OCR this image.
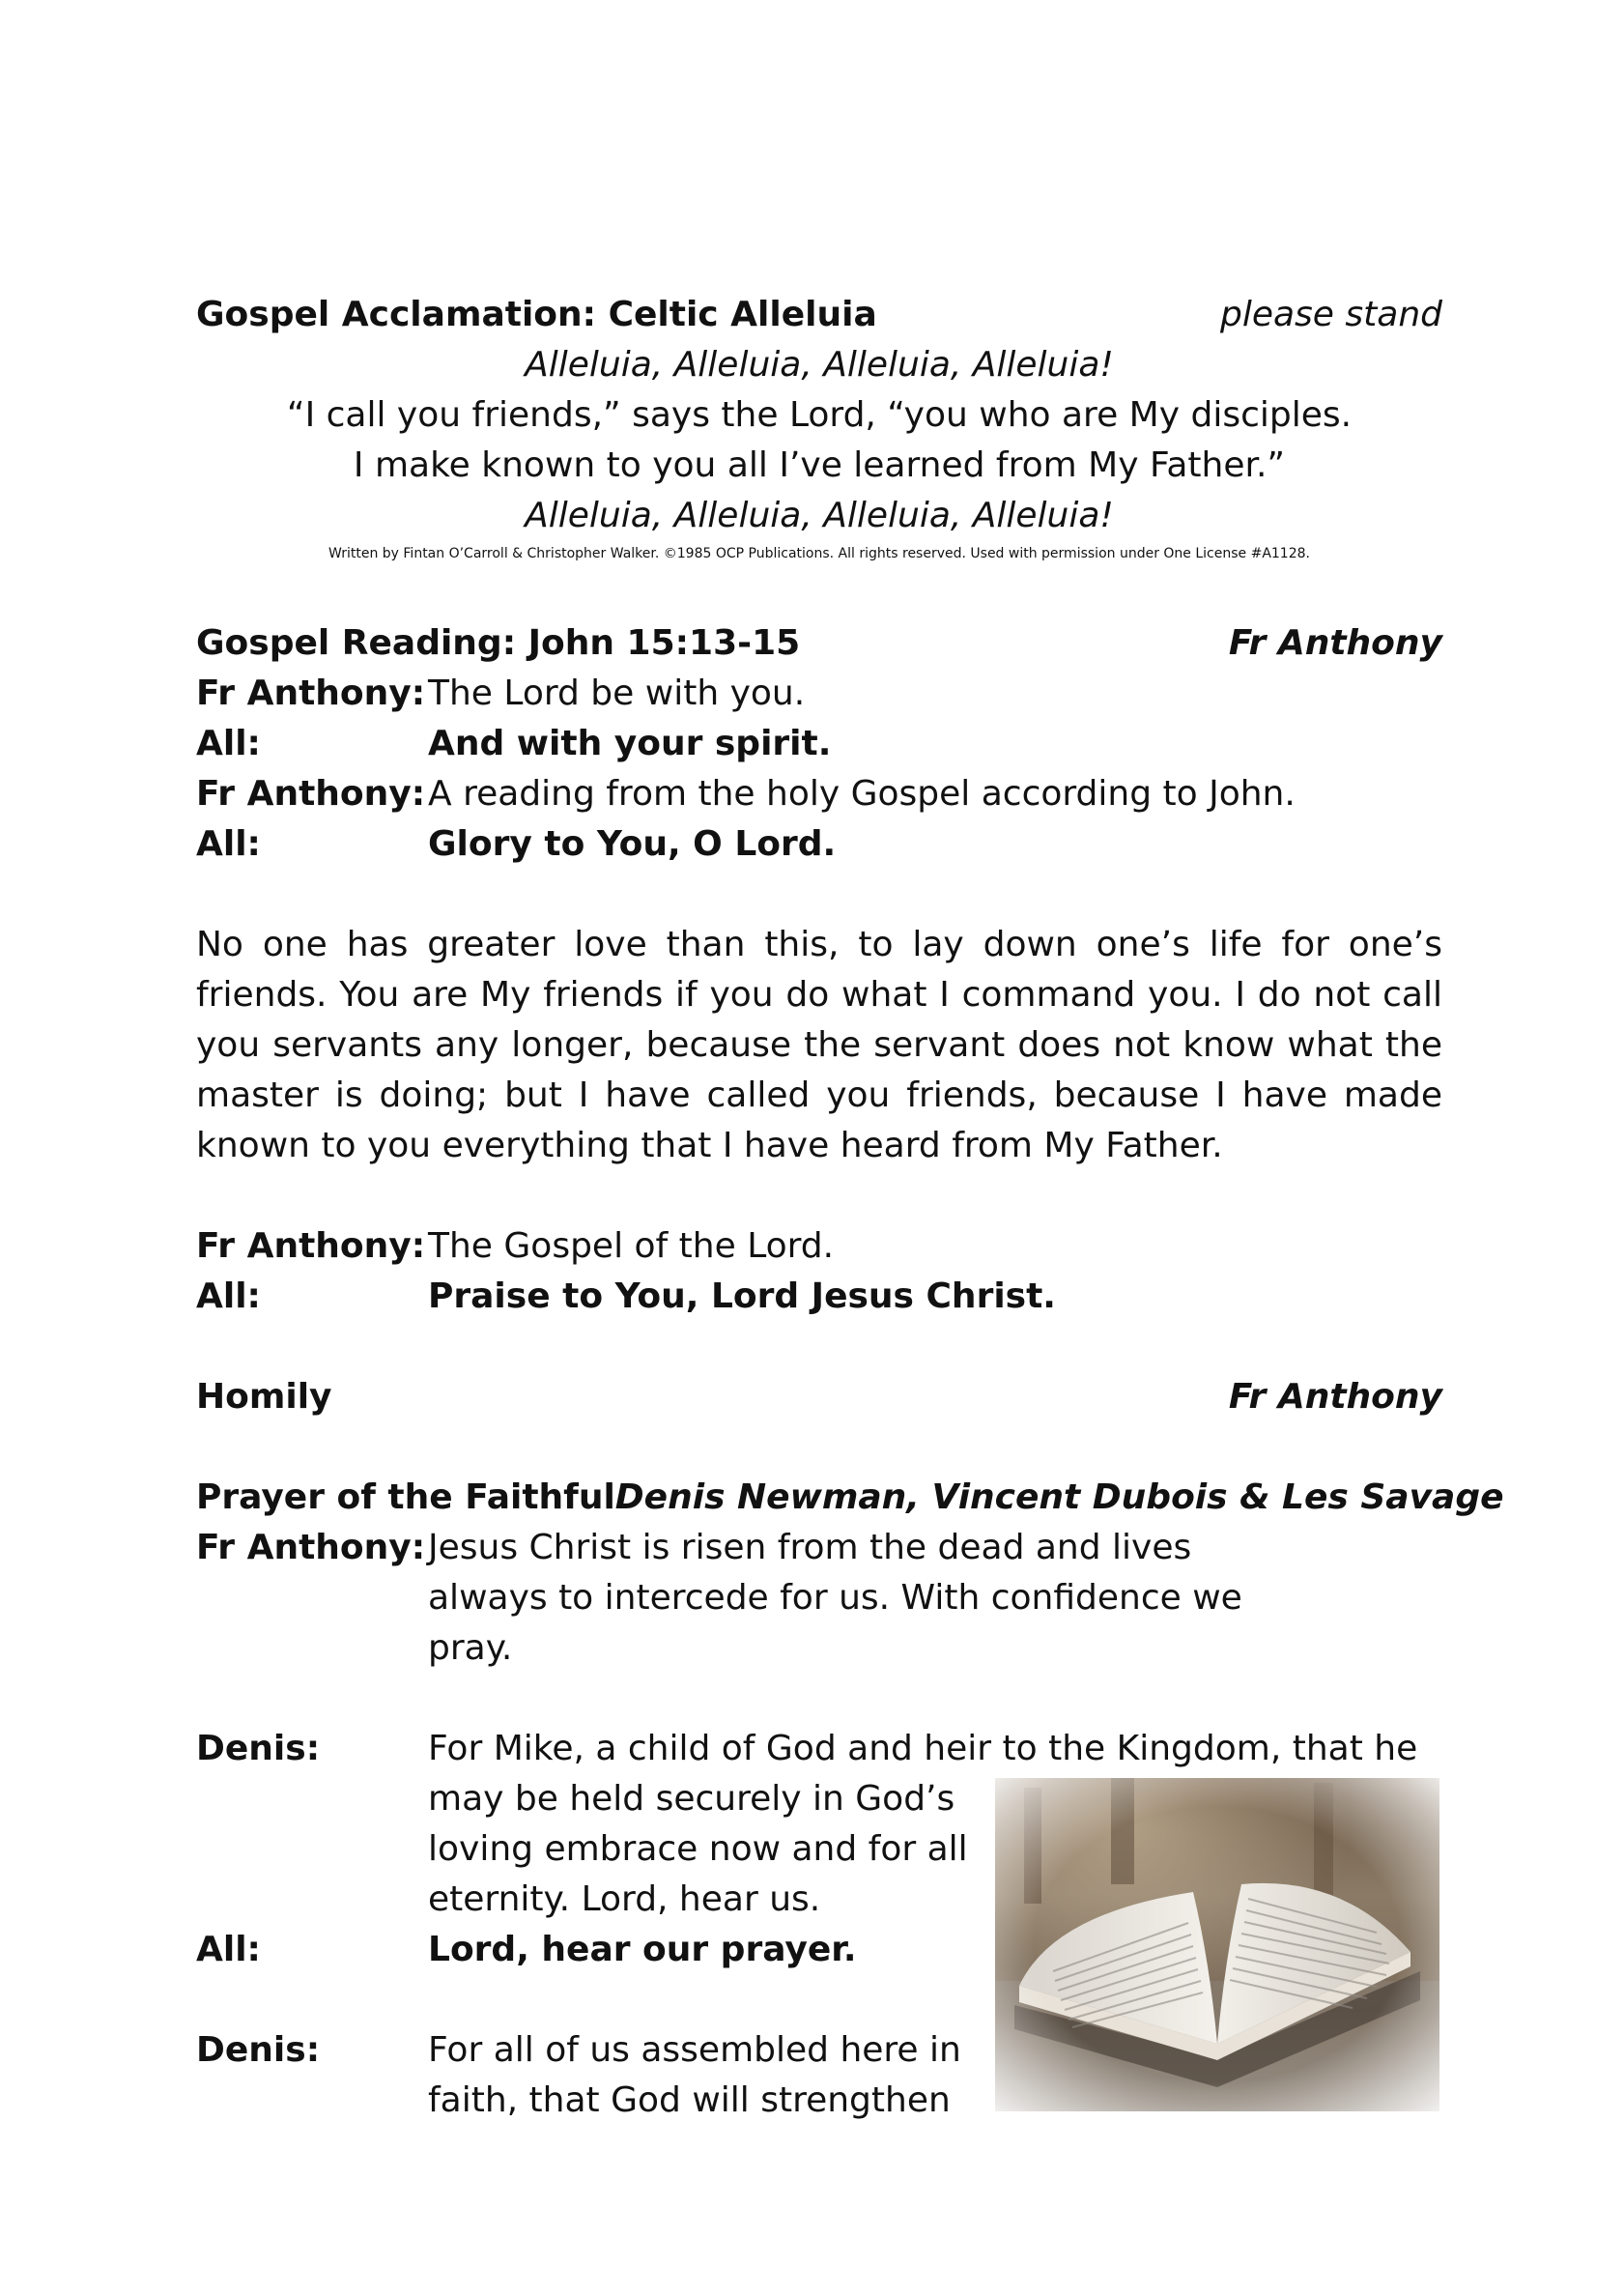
Gospel Acclamation: Celtic Alleluia	please stand
Alleluia, Alleluia, Alleluia, Alleluia!
“I call you friends,” says the Lord, “you who are My disciples.
I make known to you all I’ve learned from My Father.”
Alleluia, Alleluia, Alleluia, Alleluia!
Written by Fintan O’Carroll & Christopher Walker. ©1985 OCP Publications. All rights reserved. Used with permission under One License #A1128.
Gospel Reading: John 15:13-15	Fr Anthony
Fr Anthony: The Lord be with you.
All:	And with your spirit.
Fr Anthony: A reading from the holy Gospel according to John.
All:	Glory to You, O Lord.
No one has greater love than this, to lay down one’s life for one’s friends. You are My friends if you do what I command you. I do not call you servants any longer, because the servant does not know what the master is doing; but I have called you friends, because I have made known to you everything that I have heard from My Father.
Fr Anthony: The Gospel of the Lord.
All:	Praise to You, Lord Jesus Christ.
Homily	Fr Anthony
Prayer of the Faithful Denis Newman, Vincent Dubois & Les Savage
Fr Anthony: Jesus Christ is risen from the dead and lives always to intercede for us. With confidence we pray.
Denis:	For Mike, a child of God and heir to the Kingdom, that he
may be held securely in God’s
loving embrace now and for all
eternity. Lord, hear us.
All:	Lord, hear our prayer.
Denis:	For all of us assembled here in
faith, that God will strengthen
